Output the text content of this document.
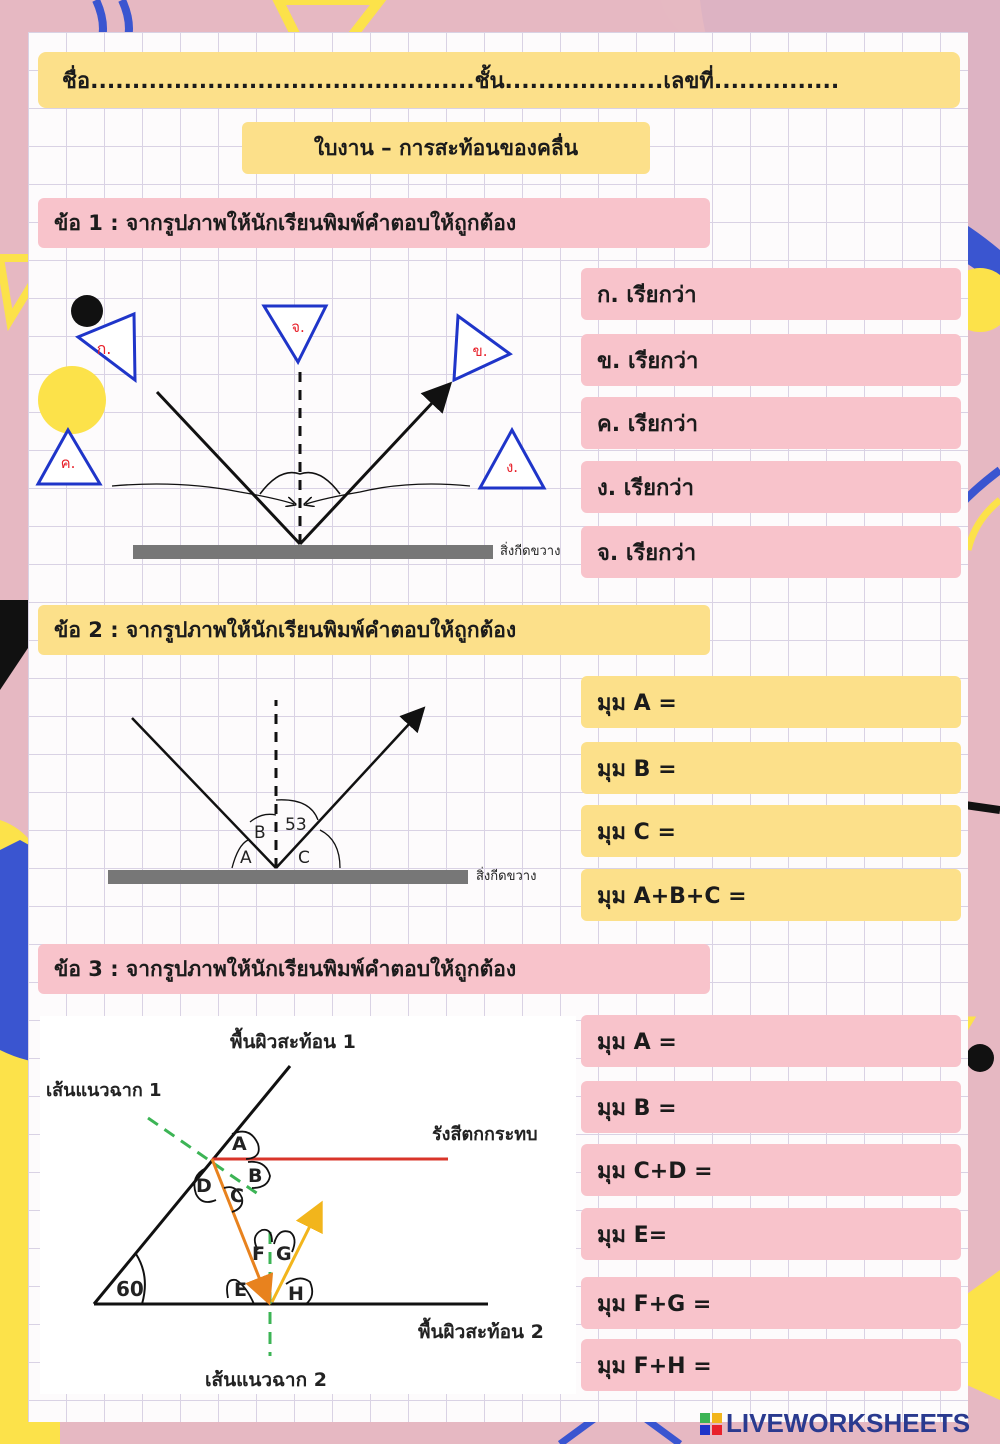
ชื่อ..............................................ชั้น...................เลขที่...............
ใบงาน – การสะท้อนของคลื่น
ข้อ 1 : จากรูปภาพให้นักเรียนพิมพ์คำตอบให้ถูกต้อง
สิ่งกีดขวาง
ก.
จ.
ข.
ค.	ง.
ก. เรียกว่า
ข. เรียกว่า
ค. เรียกว่า
ง. เรียกว่า
จ. เรียกว่า
ข้อ 2 : จากรูปภาพให้นักเรียนพิมพ์คำตอบให้ถูกต้อง
สิ่งกีดขวาง
A
B 53
C
มุม A =
มุม B =
มุม C =
มุม A+B+C =
ข้อ 3 : จากรูปภาพให้นักเรียนพิมพ์คำตอบให้ถูกต้อง
พื้นผิวสะท้อน 1
เส้นแนวฉาก 1
รังสีตกกระทบ
พื้นผิวสะท้อน 2
เส้นแนวฉาก 2
60
A
B
C
D
E
F G
H
มุม A =
มุม B =
มุม C+D =
มุม E=
มุม F+G =
มุม F+H =
LIVEWORKSHEETS
